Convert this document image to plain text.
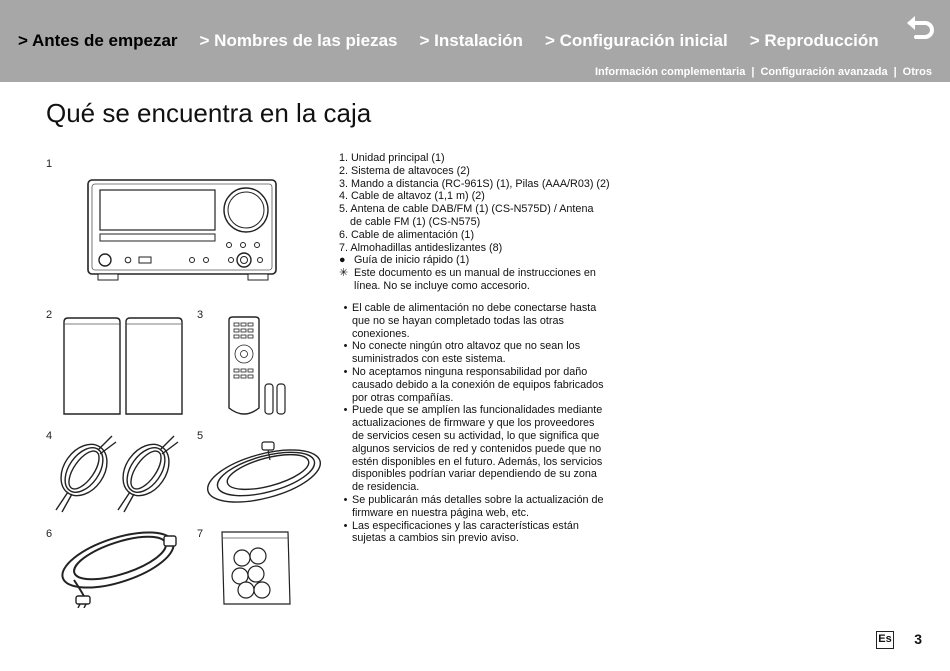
> Antes de empezar > Nombres de las piezas > Instalación > Configuración inicial > Reproducción
Información complementaria | Configuración avanzada | Otros
Qué se encuentra en la caja
1
2	3
4	5
6	7
1. Unidad principal (1)
2. Sistema de altavoces (2)
3. Mando a distancia (RC-961S) (1), Pilas (AAA/R03) (2)
4. Cable de altavoz (1,1 m) (2)
5. Antena de cable DAB/FM (1) (CS-N575D) / Antena
de cable FM (1) (CS-N575)
6. Cable de alimentación (1)
7. Almohadillas antideslizantes (8)
● Guía de inicio rápido (1)
✳ Este documento es un manual de instrucciones en
línea. No se incluye como accesorio.
• El cable de alimentación no debe conectarse hasta
que no se hayan completado todas las otras
conexiones.
• No conecte ningún otro altavoz que no sean los
suministrados con este sistema.
• No aceptamos ninguna responsabilidad por daño
causado debido a la conexión de equipos fabricados
por otras compañías.
• Puede que se amplíen las funcionalidades mediante
actualizaciones de firmware y que los proveedores
de servicios cesen su actividad, lo que significa que
algunos servicios de red y contenidos puede que no
estén disponibles en el futuro. Además, los servicios
disponibles podrían variar dependiendo de su zona
de residencia.
• Se publicarán más detalles sobre la actualización de
firmware en nuestra página web, etc.
• Las especificaciones y las características están
sujetas a cambios sin previo aviso.
Es 3
